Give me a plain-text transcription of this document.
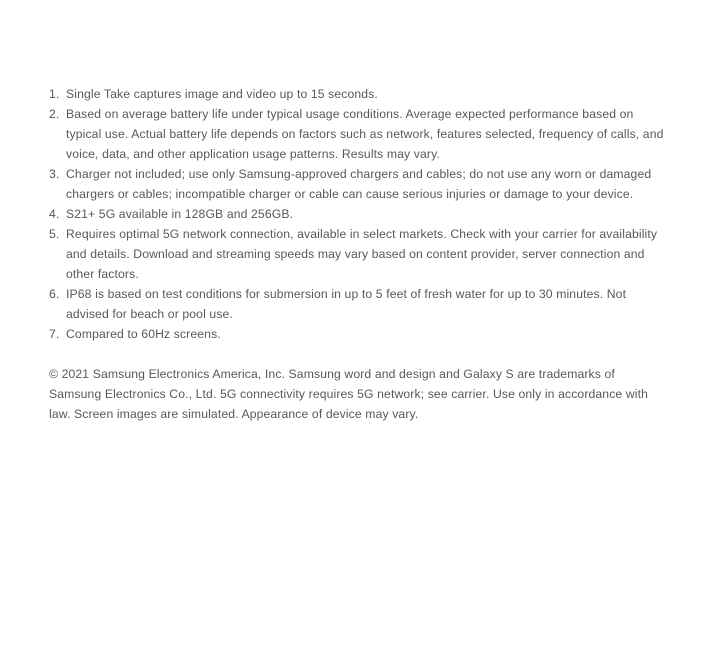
1. Single Take captures image and video up to 15 seconds.
2. Based on average battery life under typical usage conditions. Average expected performance based on typical use. Actual battery life depends on factors such as network, features selected, frequency of calls, and voice, data, and other application usage patterns. Results may vary.
3. Charger not included; use only Samsung-approved chargers and cables; do not use any worn or damaged chargers or cables; incompatible charger or cable can cause serious injuries or damage to your device.
4. S21+ 5G available in 128GB and 256GB.
5. Requires optimal 5G network connection, available in select markets. Check with your carrier for availability and details. Download and streaming speeds may vary based on content provider, server connection and other factors.
6. IP68 is based on test conditions for submersion in up to 5 feet of fresh water for up to 30 minutes. Not advised for beach or pool use.
7. Compared to 60Hz screens.

© 2021 Samsung Electronics America, Inc. Samsung word and design and Galaxy S are trademarks of Samsung Electronics Co., Ltd. 5G connectivity requires 5G network; see carrier. Use only in accordance with law. Screen images are simulated. Appearance of device may vary.
